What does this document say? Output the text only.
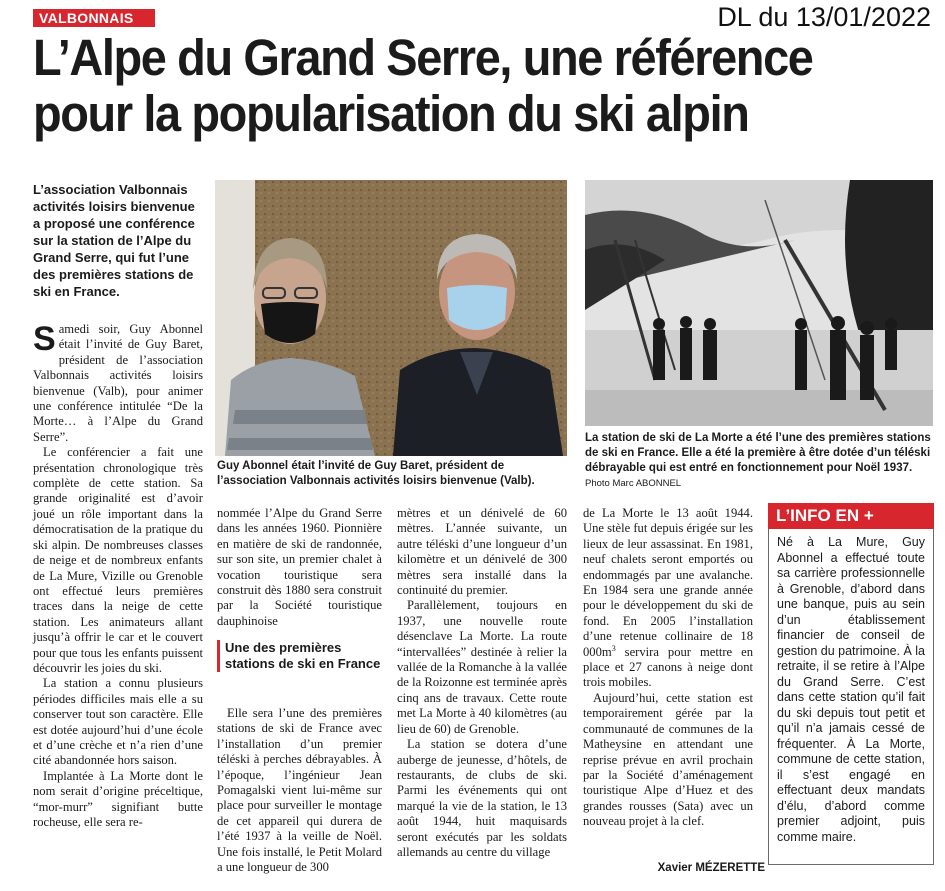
VALBONNAIS	DL du 13/01/2022
L’Alpe du Grand Serre, une référence
pour la popularisation du ski alpin
L’association Valbonnais activités loisirs bienvenue a proposé une conférence sur la station de l’Alpe du Grand Serre, qui fut l’une des premières stations de ski en France.

Samedi soir, Guy Abonnel était l’invité de Guy Baret, président de l’association Valbonnais activités loisirs bienvenue (Valb), pour animer une conférence intitulée “De la Morte… à l’Alpe du Grand Serre”.

Le conférencier a fait une présentation chronologique très complète de cette station. Sa grande originalité est d’avoir joué un rôle important dans la démocratisation de la pratique du ski alpin. De nombreuses classes de neige et de nombreux enfants de La Mure, Vizille ou Grenoble ont effectué leurs premières traces dans la neige de cette station. Les animateurs allant jusqu’à offrir le car et le couvert pour que tous les enfants puissent découvrir les joies du ski.

La station a connu plusieurs périodes difficiles mais elle a su conserver tout son caractère. Elle est dotée aujourd’hui d’une école et d’une crèche et n’a rien d’une cité abandonnée hors saison.

Implantée à La Morte dont le nom serait d’origine préceltique, “mor-murr” signifiant butte rocheuse, elle sera re-

Guy Abonnel était l’invité de Guy Baret, président de l’association Valbonnais activités loisirs bienvenue (Valb).
La station de ski de La Morte a été l’une des premières stations de ski en France. Elle a été la première à être dotée d’un téléski débrayable qui est entré en fonctionnement pour Noël 1937. Photo Marc ABONNEL

nommée l’Alpe du Grand Serre dans les années 1960. Pionnière en matière de ski de randonnée, sur son site, un premier chalet à vocation touristique sera construit dès 1880 sera construit par la Société touristique dauphinoise

Une des premières stations de ski en France

Elle sera l’une des premières stations de ski de France avec l’installation d’un premier téléski à perches débrayables. À l’époque, l’ingénieur Jean Pomagalski vient lui-même sur place pour surveiller le montage de cet appareil qui durera de l’été 1937 à la veille de Noël. Une fois installé, le Petit Molard a une longueur de 300

mètres et un dénivelé de 60 mètres. L’année suivante, un autre téléski d’une longueur d’un kilomètre et un dénivelé de 300 mètres sera installé dans la continuité du premier.

Parallèlement, toujours en 1937, une nouvelle route désenclave La Morte. La route “intervallées” destinée à relier la vallée de la Romanche à la vallée de la Roizonne est terminée après cinq ans de travaux. Cette route met La Morte à 40 kilomètres (au lieu de 60) de Grenoble.

La station se dotera d’une auberge de jeunesse, d’hôtels, de restaurants, de clubs de ski. Parmi les événements qui ont marqué la vie de la station, le 13 août 1944, huit maquisards seront exécutés par les soldats allemands au centre du village

de La Morte le 13 août 1944. Une stèle fut depuis érigée sur les lieux de leur assassinat. En 1981, neuf chalets seront emportés ou endommagés par une avalanche. En 1984 sera une grande année pour le développement du ski de fond. En 2005 l’installation d’une retenue collinaire de 18 $000m^3$ servira pour mettre en place et 27 canons à neige dont trois mobiles.

Aujourd’hui, cette station est temporairement gérée par la communauté de communes de la Matheysine en attendant une reprise prévue en avril prochain par la Société d’aménagement touristique Alpe d’Huez et des grandes rousses (Sata) avec un nouveau projet à la clef.

Xavier MÉZERETTE
L’INFO EN +
Né à La Mure, Guy Abonnel a effectué toute sa carrière professionnelle à Grenoble, d’abord dans une banque, puis au sein d’un établissement financier de conseil de gestion du patrimoine. À la retraite, il se retire à l’Alpe du Grand Serre. C’est dans cette station qu’il fait du ski depuis tout petit et qu’il n’a jamais cessé de fréquenter. À La Morte, commune de cette station, il s’est engagé en effectuant deux mandats d’élu, d’abord comme premier adjoint, puis comme maire.
